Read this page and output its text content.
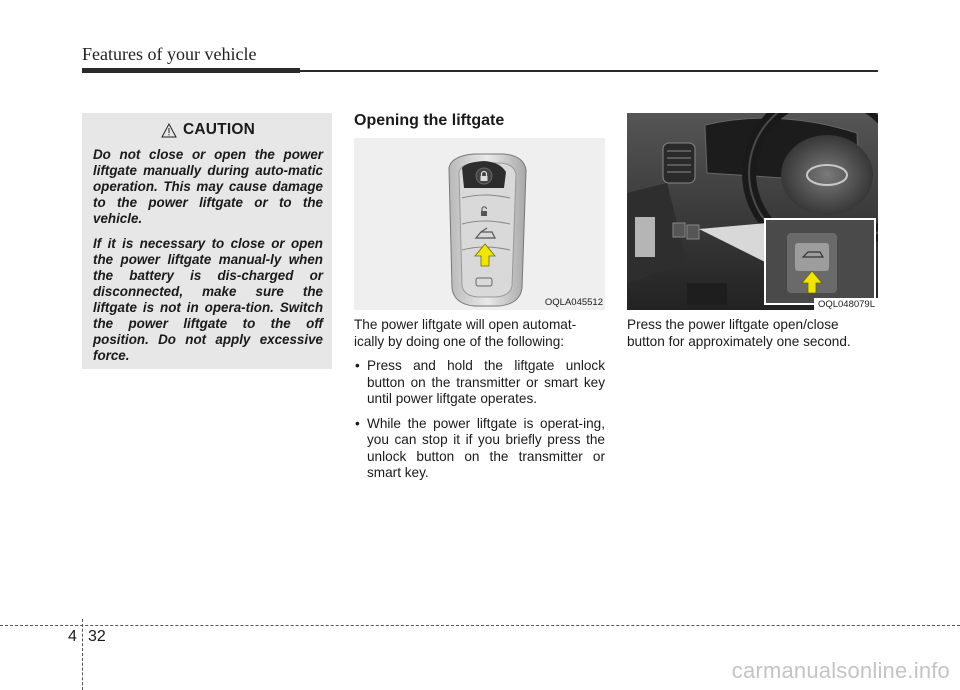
Features of your vehicle
CAUTION

Do not close or open the power liftgate manually during auto-matic operation. This may cause damage to the power liftgate or to the vehicle.

If it is necessary to close or open the power liftgate manual-ly when the battery is dis-charged or disconnected, make sure the liftgate is not in opera-tion. Switch the power liftgate to the off position. Do not apply excessive force.

Opening the liftgate
OQLA045512

The power liftgate will open automat-ically by doing one of the following:

• Press and hold the liftgate unlock button on the transmitter or smart key until power liftgate operates.
• While the power liftgate is operat-ing, you can stop it if you briefly press the unlock button on the transmitter or smart key.
OQL048079L
Press the power liftgate open/close button for approximately one second.
4 32
carmanualsonline.info
